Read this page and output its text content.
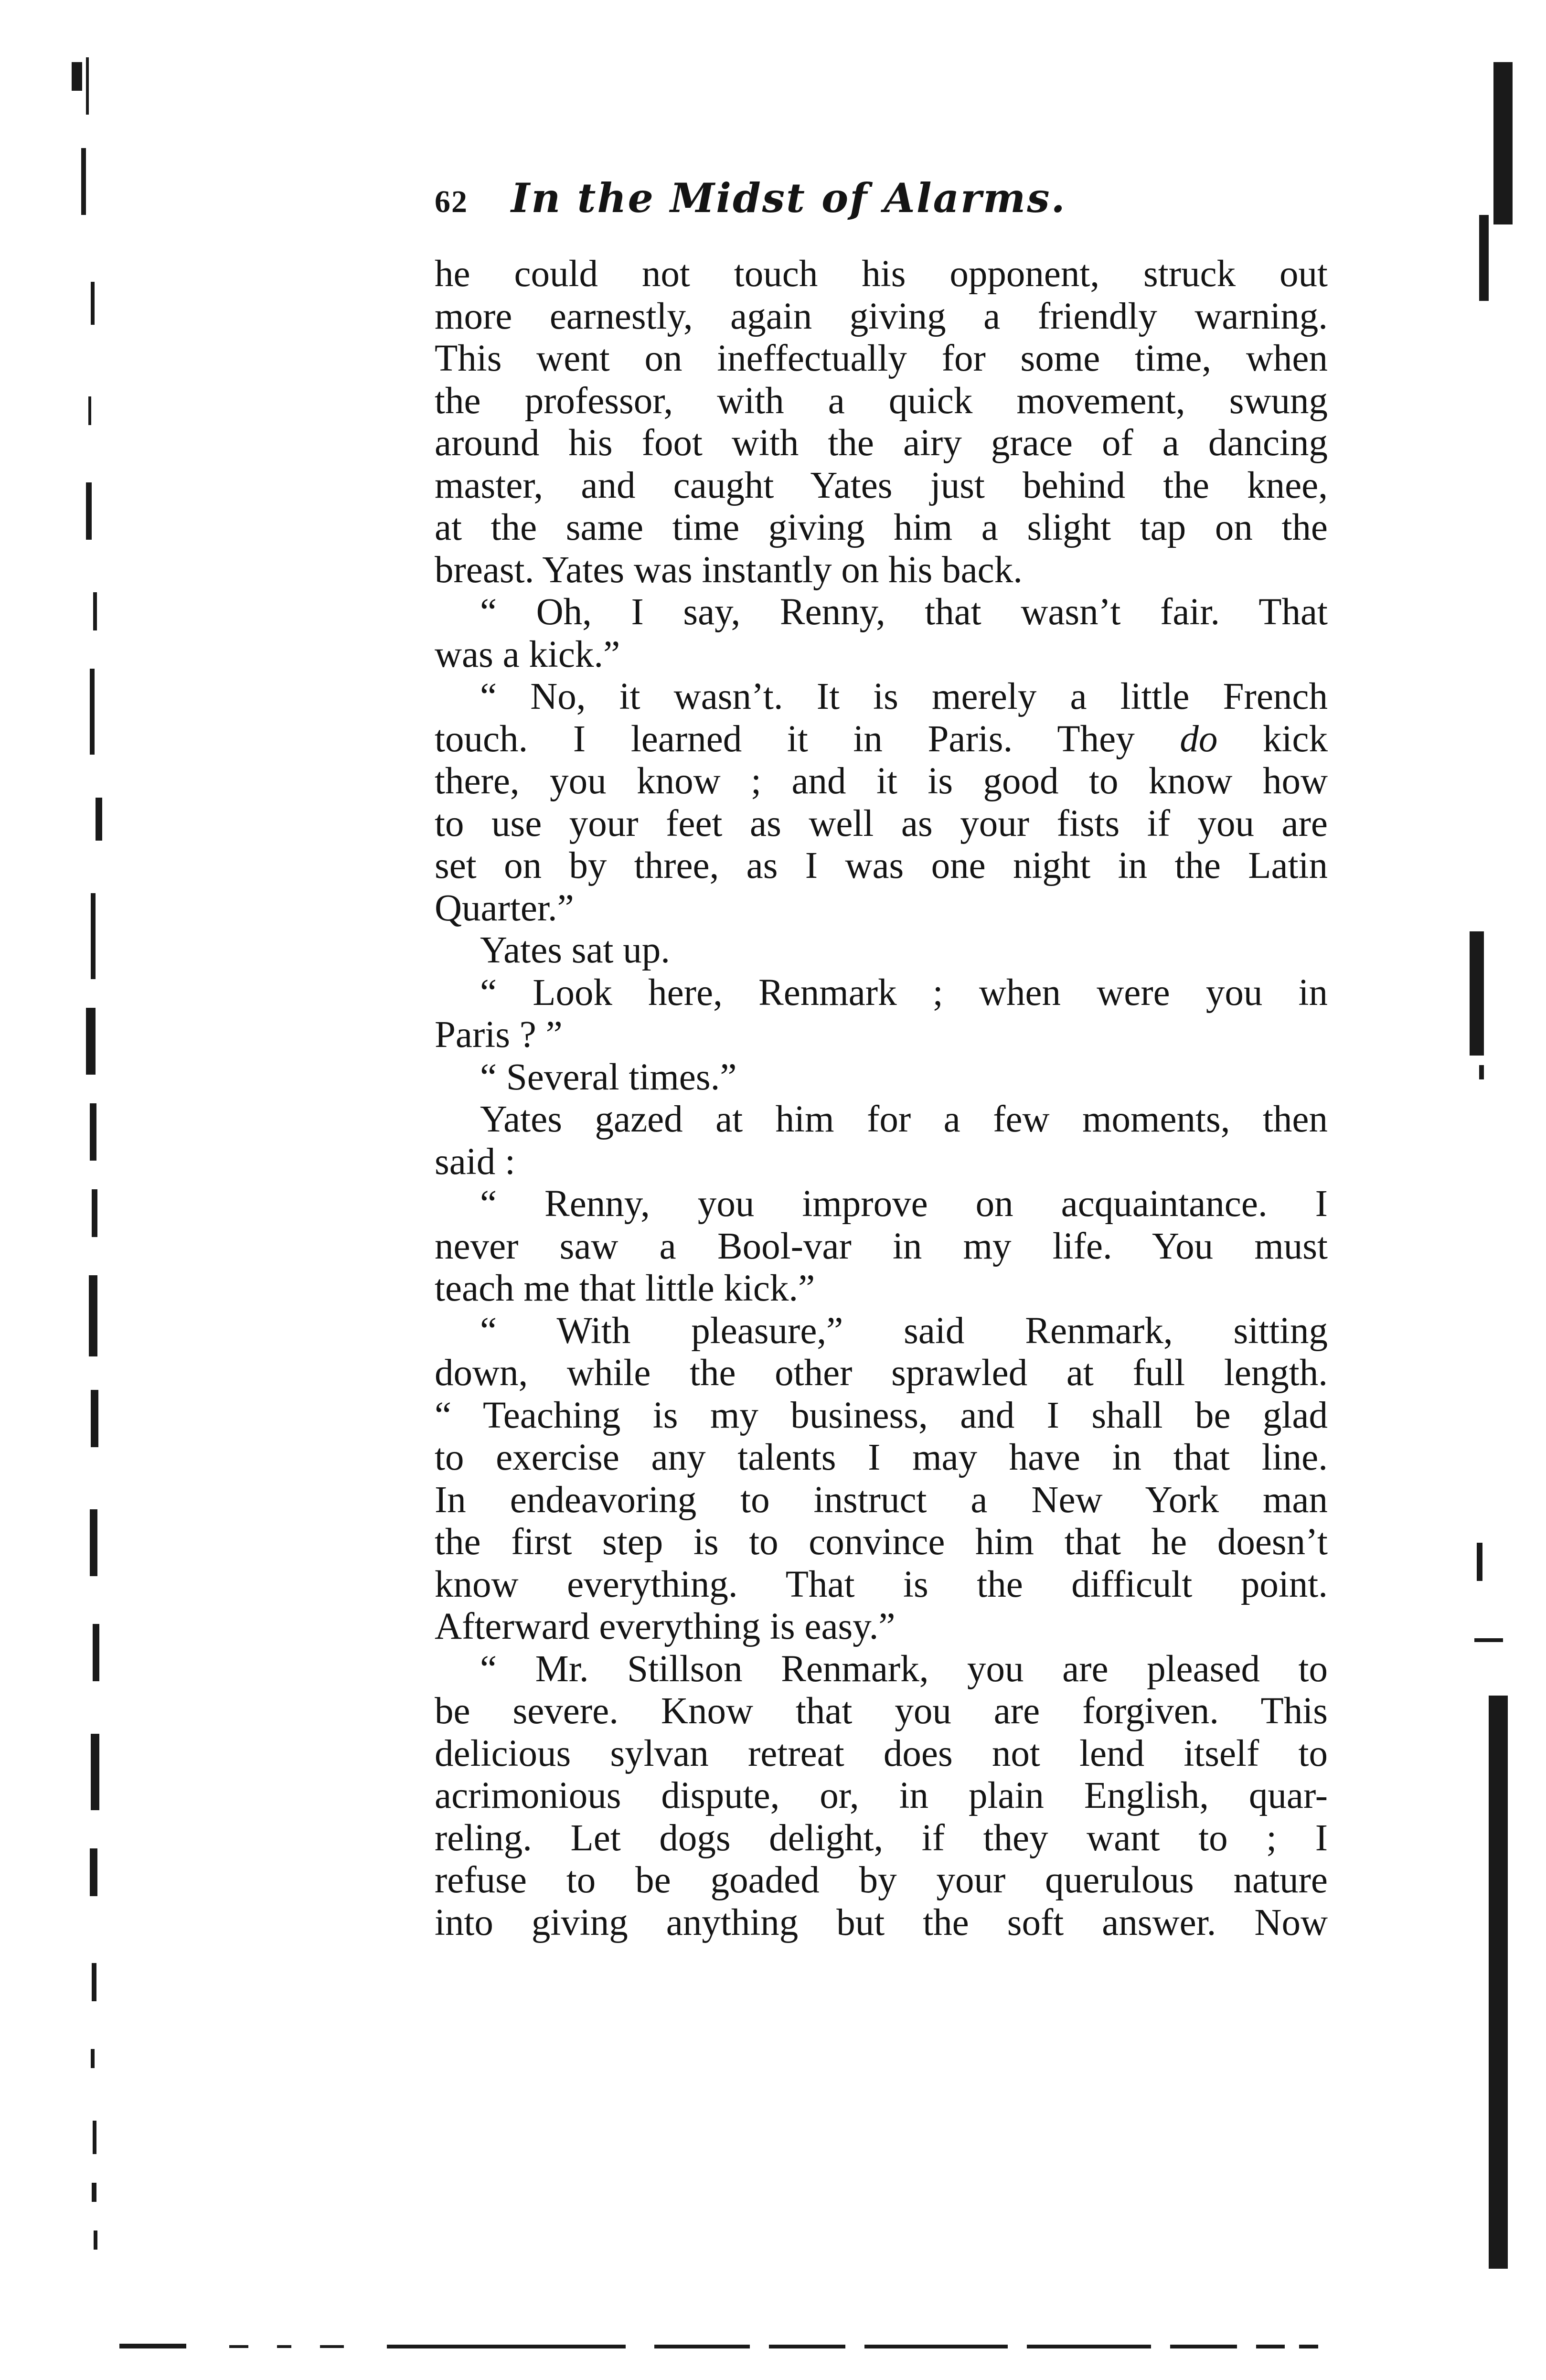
62 In the Midst of Alarms.
he could not touch his opponent, struck out
more earnestly, again giving a friendly warning.
This went on ineffectually for some time, when
the professor, with a quick movement, swung
around his foot with the airy grace of a dancing
master, and caught Yates just behind the knee,
at the same time giving him a slight tap on the
breast. Yates was instantly on his back.
“ Oh, I say, Renny, that wasn’t fair. That
was a kick.”
“ No, it wasn’t. It is merely a little French
touch. I learned it in Paris. They do kick
there, you know ; and it is good to know how
to use your feet as well as your fists if you are
set on by three, as I was one night in the Latin
Quarter.”
Yates sat up.
“ Look here, Renmark ; when were you in
Paris ? ”
“ Several times.”
Yates gazed at him for a few moments, then
said :
“ Renny, you improve on acquaintance. I
never saw a Bool-var in my life. You must
teach me that little kick.”
“ With pleasure,” said Renmark, sitting
down, while the other sprawled at full length.
“ Teaching is my business, and I shall be glad
to exercise any talents I may have in that line.
In endeavoring to instruct a New York man
the first step is to convince him that he doesn’t
know everything. That is the difficult point.
Afterward everything is easy.”
“ Mr. Stillson Renmark, you are pleased to
be severe. Know that you are forgiven. This
delicious sylvan retreat does not lend itself to
acrimonious dispute, or, in plain English, quar-
reling. Let dogs delight, if they want to ; I
refuse to be goaded by your querulous nature
into giving anything but the soft answer. Now
